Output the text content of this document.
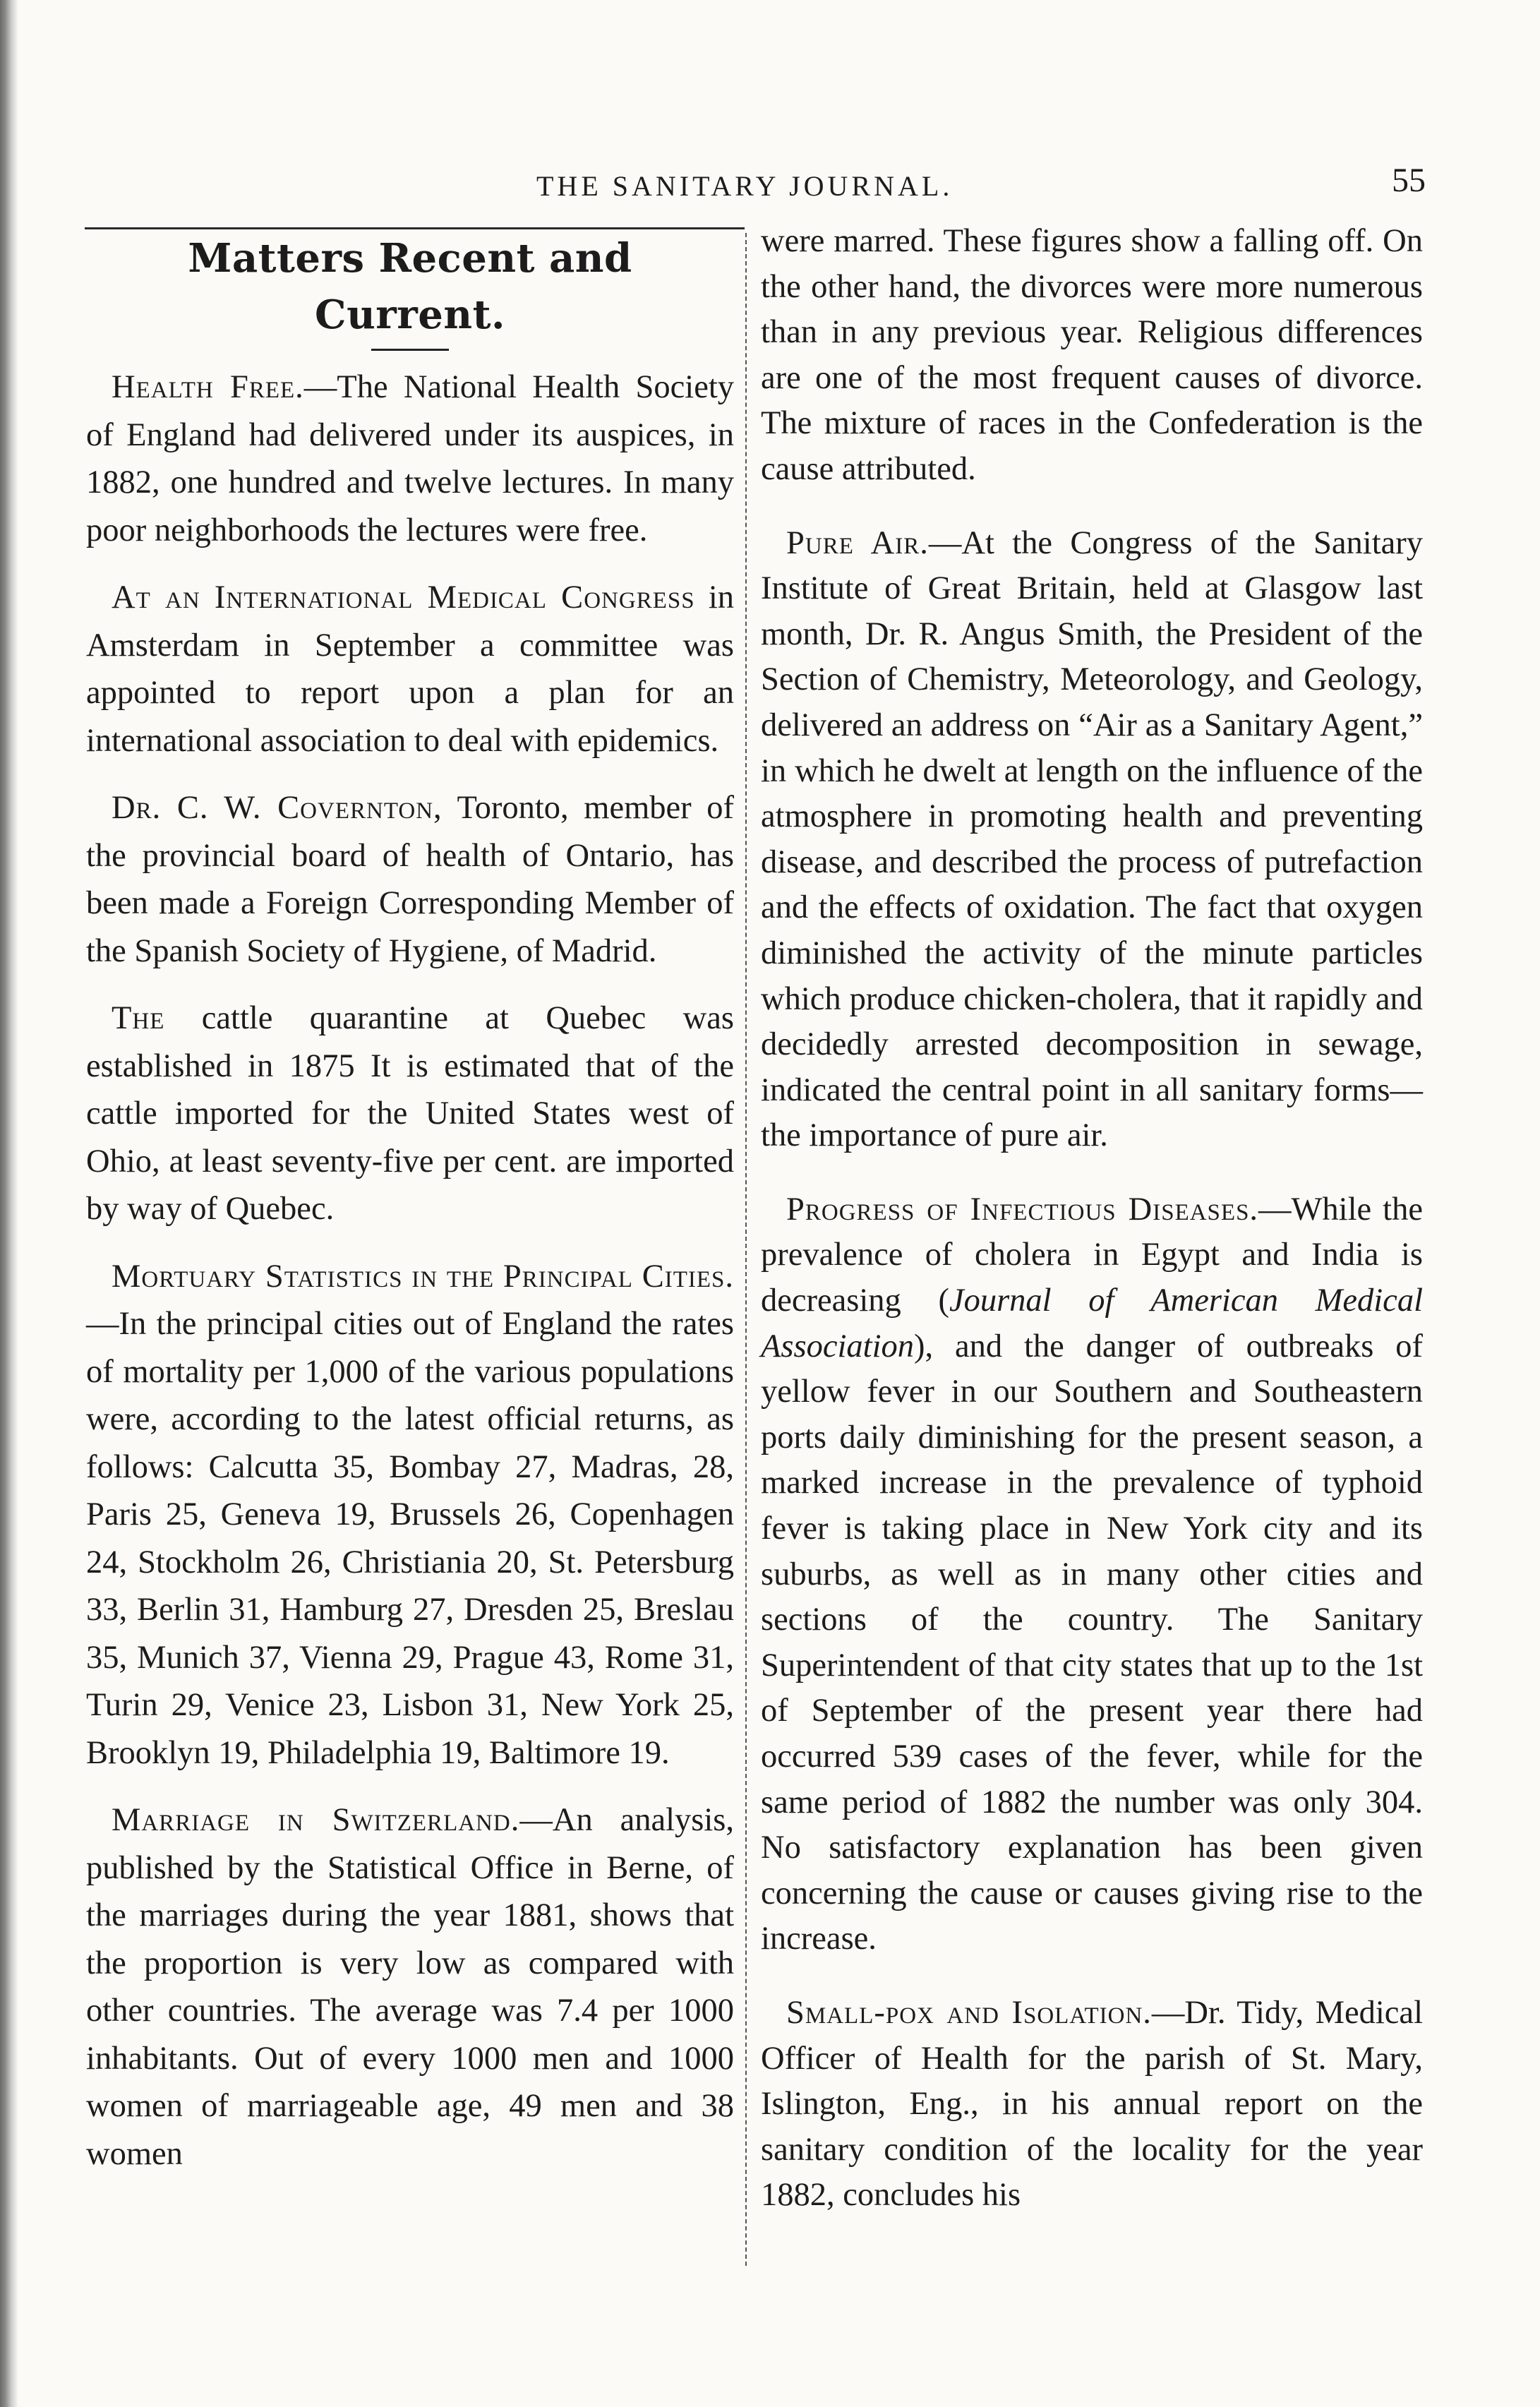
THE SANITARY JOURNAL.	55
Matters Recent and Current.

Health Free.—The National Health Society of England had delivered under its auspices, in 1882, one hundred and twelve lectures. In many poor neighborhoods the lectures were free.

At an International Medical Congress in Amsterdam in September a committee was appointed to report upon a plan for an international association to deal with epidemics.

Dr. C. W. Covernton, Toronto, member of the provincial board of health of Ontario, has been made a Foreign Corresponding Member of the Spanish Society of Hygiene, of Madrid.

The cattle quarantine at Quebec was established in 1875 It is estimated that of the cattle imported for the United States west of Ohio, at least seventy-five per cent. are imported by way of Quebec.

Mortuary Statistics in the Principal Cities.—In the principal cities out of England the rates of mortality per 1,000 of the various populations were, according to the latest official returns, as follows: Calcutta 35, Bombay 27, Madras, 28, Paris 25, Geneva 19, Brussels 26, Copenhagen 24, Stockholm 26, Christiania 20, St. Petersburg 33, Berlin 31, Hamburg 27, Dresden 25, Breslau 35, Munich 37, Vienna 29, Prague 43, Rome 31, Turin 29, Venice 23, Lisbon 31, New York 25, Brooklyn 19, Philadelphia 19, Baltimore 19.

Marriage in Switzerland.—An analysis, published by the Statistical Office in Berne, of the marriages during the year 1881, shows that the proportion is very low as compared with other countries. The average was 7.4 per 1000 inhabitants. Out of every 1000 men and 1000 women of marriageable age, 49 men and 38 women

were marred. These figures show a falling off. On the other hand, the divorces were more numerous than in any previous year. Religious differences are one of the most frequent causes of divorce. The mixture of races in the Confederation is the cause attributed.

Pure Air.—At the Congress of the Sanitary Institute of Great Britain, held at Glasgow last month, Dr. R. Angus Smith, the President of the Section of Chemistry, Meteorology, and Geology, delivered an address on “Air as a Sanitary Agent,” in which he dwelt at length on the influence of the atmosphere in promoting health and preventing disease, and described the process of putrefaction and the effects of oxidation. The fact that oxygen diminished the activity of the minute particles which produce chicken-cholera, that it rapidly and decidedly arrested decomposition in sewage, indicated the central point in all sanitary forms—the importance of pure air.

Progress of Infectious Diseases.—While the prevalence of cholera in Egypt and India is decreasing (Journal of American Medical Association), and the danger of outbreaks of yellow fever in our Southern and Southeastern ports daily diminishing for the present season, a marked increase in the prevalence of typhoid fever is taking place in New York city and its suburbs, as well as in many other cities and sections of the country. The Sanitary Superintendent of that city states that up to the 1st of September of the present year there had occurred 539 cases of the fever, while for the same period of 1882 the number was only 304. No satisfactory explanation has been given concerning the cause or causes giving rise to the increase.

Small-pox and Isolation.—Dr. Tidy, Medical Officer of Health for the parish of St. Mary, Islington, Eng., in his annual report on the sanitary condition of the locality for the year 1882, concludes his
